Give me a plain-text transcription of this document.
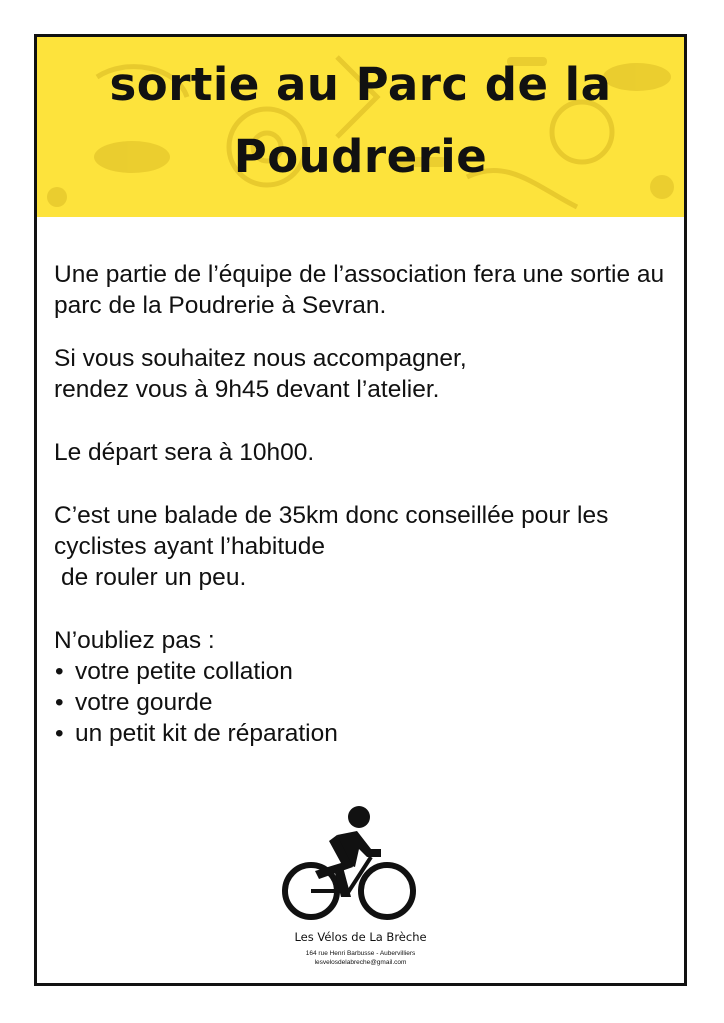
sortie au Parc de la
Poudrerie

Une partie de l’équipe de l’association fera une sortie au parc de la Poudrerie à Sevran.

Si vous souhaitez nous accompagner,

rendez vous à 9h45 devant l’atelier.

Le départ sera à 10h00.

C’est une balade de 35km donc conseillée pour les cyclistes ayant l’habitude

de rouler un peu.

N’oubliez pas :

• votre petite collation
• votre gourde
• un petit kit de réparation
Les Vélos de La Brèche
164 rue Henri Barbusse - Aubervilliers
lesvelosdelabreche@gmail.com
